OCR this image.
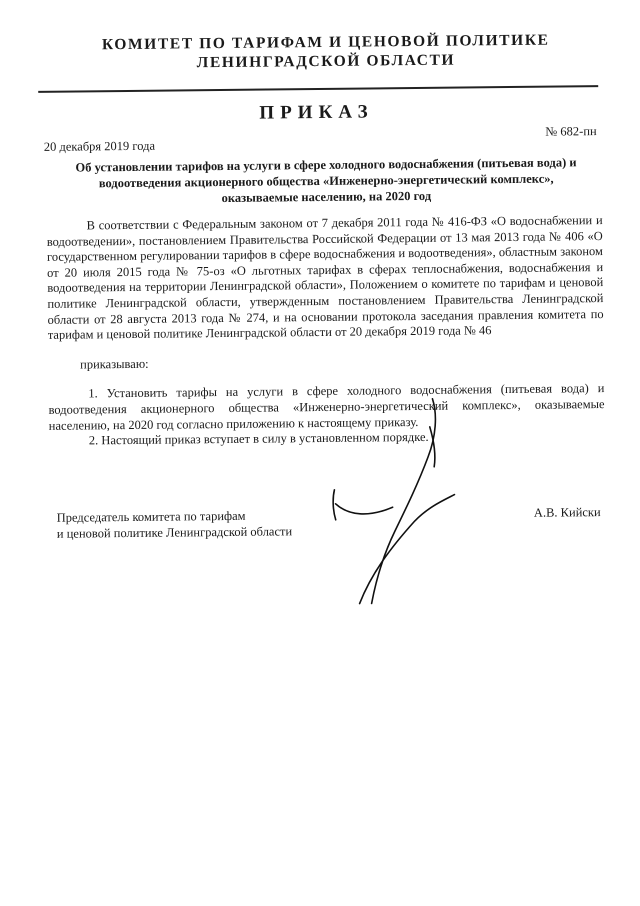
КОМИТЕТ ПО ТАРИФАМ И ЦЕНОВОЙ ПОЛИТИКЕ
ЛЕНИНГРАДСКОЙ ОБЛАСТИ
ПРИКАЗ
20 декабря 2019 года
№ 682-пн
Об установлении тарифов на услуги в сфере холодного водоснабжения (питьевая вода) и
водоотведения акционерного общества «Инженерно-энергетический комплекс»,
оказываемые населению, на 2020 год

В соответствии с Федеральным законом от 7 декабря 2011 года № 416-ФЗ «О водоснабжении и водоотведении», постановлением Правительства Российской Федерации от 13 мая 2013 года № 406 «О государственном регулировании тарифов в сфере водоснабжения и водоотведения», областным законом от 20 июля 2015 года № 75-оз «О льготных тарифах в сферах теплоснабжения, водоснабжения и водоотведения на территории Ленинградской области», Положением о комитете по тарифам и ценовой политике Ленинградской области, утвержденным постановлением Правительства Ленинградской области от 28 августа 2013 года № 274, и на основании протокола заседания правления комитета по тарифам и ценовой политике Ленинградской области от 20 декабря 2019 года № 46

приказываю:

1. Установить тарифы на услуги в сфере холодного водоснабжения (питьевая вода) и водоотведения акционерного общества «Инженерно-энергетический комплекс», оказываемые населению, на 2020 год согласно приложению к настоящему приказу.

2. Настоящий приказ вступает в силу в установленном порядке.

Председатель комитета по тарифам
и ценовой политике Ленинградской области
А.В. Кийски
